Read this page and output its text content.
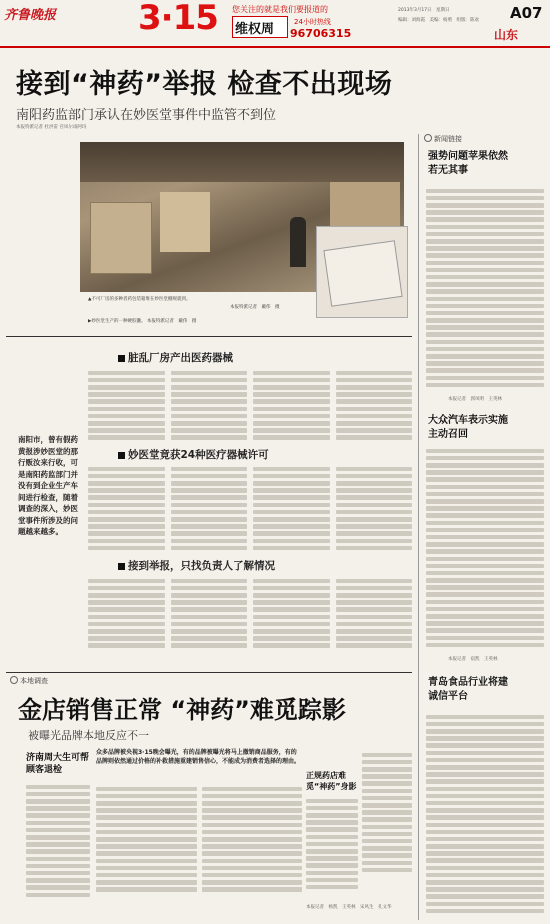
齐鲁晚报 3·15 您关注的就是我们要报道的
维权周	24小时热线
96706315
2013年3月17日　星期日
编辑：刘海霞　美编：杨照　组版：陈欢 A07
山东
接到“神药”举报 检查不出现场
南阳药监部门承认在妙医堂事件中监管不到位
本报特派记者 杜洪雷 宫凤尔雨阿玛
▲不可厂房的多种者药包装箱堆在妙医堂棚规就到。
本报特派记者　戴伟　摄
▶妙医堂生产的一种硬胶囊。 本报特派记者　戴伟　摄
南阳市，曾有假药黄报涉妙医堂的那行贩汝来行收，可是南阳药监部门并没有到企业生产车间进行检查，随着调查的深入，妙医堂事件所涉及的问题越来越多。
脏乱厂房产出医药器械
妙医堂竟获24种医疗器械许可
接到举报，只找负责人了解情况
新闻链接
强势问题苹果依然若无其事
本报记者　郭凤明　王英林
大众汽车表示实施主动召回
本报记者　宿凯　王英林
青岛食品行业将建诚信平台
本地调查
金店销售正常 “神药”难觅踪影
被曝光品牌本地反应不一
济南周大生可帮顾客退检
众多品牌被央视3·15晚会曝光，有的品牌被曝光将马上撤销商品服务，有的品牌则依然通过价格的补救措施重建销售信心，不能成为消费者选择的理由。
正规药店难觅“神药”身影
本报记者　杨凯　王英林　宋风生　孔文华
